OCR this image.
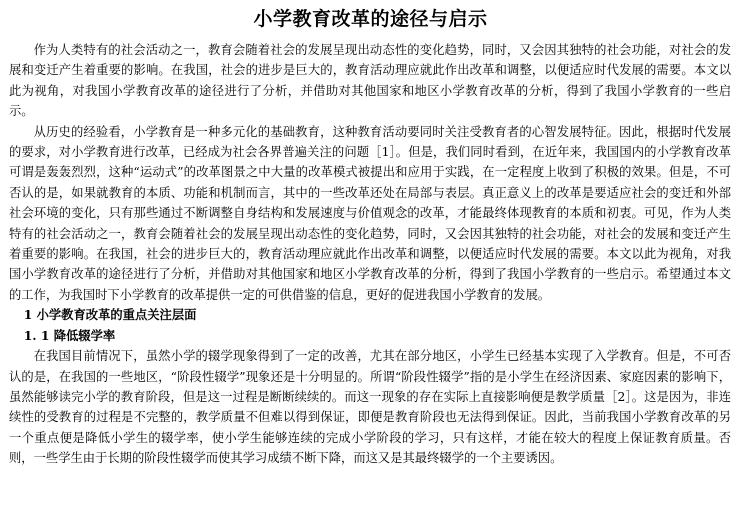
小学教育改革的途径与启示

作为人类特有的社会活动之一，教育会随着社会的发展呈现出动态性的变化趋势，同时，又会因其独特的社会功能，对社会的发展和变迁产生着重要的影响。在我国，社会的进步是巨大的，教育活动理应就此作出改革和调整，以便适应时代发展的需要。本文以此为视角，对我国小学教育改革的途径进行了分析，并借助对其他国家和地区小学教育改革的分析，得到了我国小学教育的一些启示。

从历史的经验看，小学教育是一种多元化的基础教育，这种教育活动要同时关注受教育者的心智发展特征。因此，根据时代发展的要求，对小学教育进行改革，已经成为社会各界普遍关注的问题［1］。但是，我们同时看到，在近年来，我国国内的小学教育改革可谓是轰轰烈烈，这种“运动式”的改革图景之中大量的改革模式被提出和应用于实践，在一定程度上收到了积极的效果。但是，不可否认的是，如果就教育的本质、功能和机制而言，其中的一些改革还处在局部与表层。真正意义上的改革是要适应社会的变迁和外部社会环境的变化，只有那些通过不断调整自身结构和发展速度与价值观念的改革，才能最终体现教育的本质和初衷。可见，作为人类特有的社会活动之一，教育会随着社会的发展呈现出动态性的变化趋势，同时，又会因其独特的社会功能，对社会的发展和变迁产生着重要的影响。在我国，社会的进步巨大的，教育活动理应就此作出改革和调整，以便适应时代发展的需要。本文以此为视角，对我国小学教育改革的途径进行了分析，并借助对其他国家和地区小学教育改革的分析，得到了我国小学教育的一些启示。希望通过本文的工作，为我国时下小学教育的改革提供一定的可供借鉴的信息，更好的促进我国小学教育的发展。

1 小学教育改革的重点关注层面

1. 1 降低辍学率

在我国目前情况下，虽然小学的辍学现象得到了一定的改善，尤其在部分地区，小学生已经基本实现了入学教育。但是，不可否认的是，在我国的一些地区，“阶段性辍学”现象还是十分明显的。所谓“阶段性辍学”指的是小学生在经济因素、家庭因素的影响下，虽然能够读完小学的教育阶段，但是这一过程是断断续续的。而这一现象的存在实际上直接影响便是教学质量［2］。这是因为，非连续性的受教育的过程是不完整的，教学质量不但难以得到保证，即便是教育阶段也无法得到保证。因此，当前我国小学教育改革的另一个重点便是降低小学生的辍学率，使小学生能够连续的完成小学阶段的学习，只有这样，才能在较大的程度上保证教育质量。否则，一些学生由于长期的阶段性辍学而使其学习成绩不断下降，而这又是其最终辍学的一个主要诱因。
